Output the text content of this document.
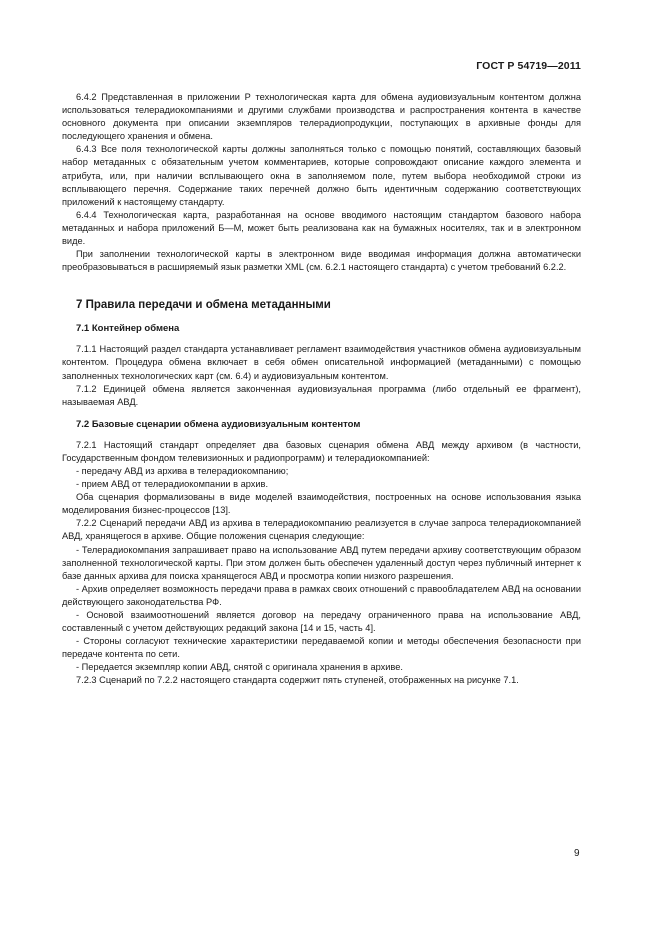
ГОСТ Р 54719—2011

6.4.2 Представленная в приложении Р технологическая карта для обмена аудиовизуальным контентом должна использоваться телерадиокомпаниями и другими службами производства и распространения контента в качестве основного документа при описании экземпляров телерадиопродукции, поступающих в архивные фонды для последующего хранения и обмена.

6.4.3 Все поля технологической карты должны заполняться только с помощью понятий, составляющих базовый набор метаданных с обязательным учетом комментариев, которые сопровождают описание каждого элемента и атрибута, или, при наличии всплывающего окна в заполняемом поле, путем выбора необходимой строки из всплывающего перечня. Содержание таких перечней должно быть идентичным содержанию соответствующих приложений к настоящему стандарту.

6.4.4 Технологическая карта, разработанная на основе вводимого настоящим стандартом базового набора метаданных и набора приложений Б—М, может быть реализована как на бумажных носителях, так и в электронном виде.

При заполнении технологической карты в электронном виде вводимая информация должна автоматически преобразовываться в расширяемый язык разметки XML (см. 6.2.1 настоящего стандарта) с учетом требований 6.2.2.

7 Правила передачи и обмена метаданными
7.1 Контейнер обмена

7.1.1 Настоящий раздел стандарта устанавливает регламент взаимодействия участников обмена аудиовизуальным контентом. Процедура обмена включает в себя обмен описательной информацией (метаданными) с помощью заполненных технологических карт (см. 6.4) и аудиовизуальным контентом.

7.1.2 Единицей обмена является законченная аудиовизуальная программа (либо отдельный ее фрагмент), называемая АВД.

7.2 Базовые сценарии обмена аудиовизуальным контентом

7.2.1 Настоящий стандарт определяет два базовых сценария обмена АВД между архивом (в частности, Государственным фондом телевизионных и радиопрограмм) и телерадиокомпанией:

- передачу АВД из архива в телерадиокомпанию;

- прием АВД от телерадиокомпании в архив.

Оба сценария формализованы в виде моделей взаимодействия, построенных на основе использования языка моделирования бизнес-процессов [13].

7.2.2 Сценарий передачи АВД из архива в телерадиокомпанию реализуется в случае запроса телерадиокомпанией АВД, хранящегося в архиве. Общие положения сценария следующие:

- Телерадиокомпания запрашивает право на использование АВД путем передачи архиву соответствующим образом заполненной технологической карты. При этом должен быть обеспечен удаленный доступ через публичный интернет к базе данных архива для поиска хранящегося АВД и просмотра копии низкого разрешения.

- Архив определяет возможность передачи права в рамках своих отношений с правообладателем АВД на основании действующего законодательства РФ.

- Основой взаимоотношений является договор на передачу ограниченного права на использование АВД, составленный с учетом действующих редакций закона [14 и 15, часть 4].

- Стороны согласуют технические характеристики передаваемой копии и методы обеспечения безопасности при передаче контента по сети.

- Передается экземпляр копии АВД, снятой с оригинала хранения в архиве.

7.2.3 Сценарий по 7.2.2 настоящего стандарта содержит пять ступеней, отображенных на рисунке 7.1.

9
